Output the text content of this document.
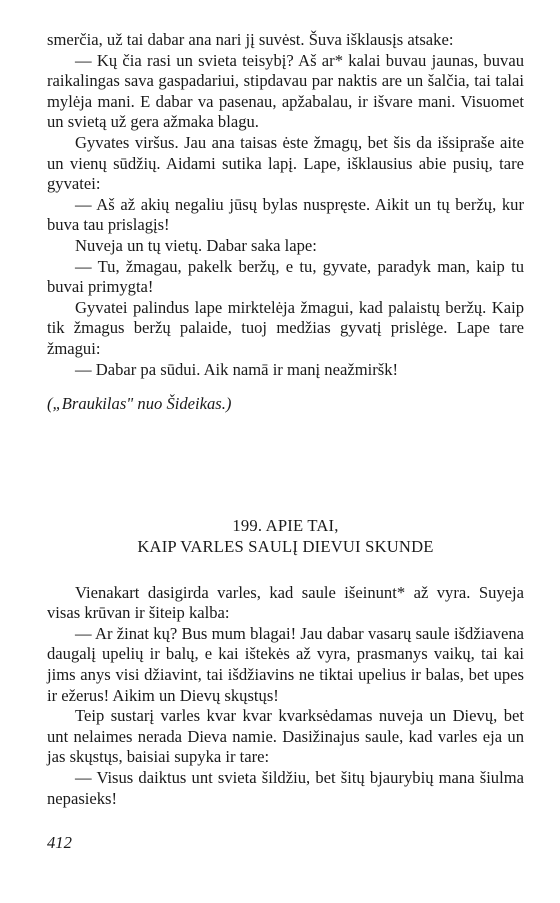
smerčia, už tai dabar ana nari jį suvėst. Šuva išklausįs atsake:

— Kų čia rasi un svieta teisybį? Aš ar* kalai buvau jaunas, buvau raikalingas sava gaspadariui, stipdavau par naktis are un šalčia, tai talai mylėja mani. E dabar va pasenau, apžabalau, ir išvare mani. Visuomet un svietą už gera ažmaka blagu.

Gyvates viršus. Jau ana taisas ėste žmagų, bet šis da išsipraše aite un vienų sūdžių. Aidami sutika lapį. Lape, išklausius abie pusių, tare gyvatei:

— Aš až akių negaliu jūsų bylas nuspręste. Aikit un tų beržų, kur buva tau prislagįs!

Nuveja un tų vietų. Dabar saka lape:

— Tu, žmagau, pakelk beržų, e tu, gyvate, paradyk man, kaip tu buvai primygta!

Gyvatei palindus lape mirktelėja žmagui, kad palaistų beržų. Kaip tik žmagus beržų palaide, tuoj medžias gyvatį prislėge. Lape tare žmagui:

— Dabar pa sūdui. Aik namā ir manį neažmiršk!

(„Braukilas" nuo Šideikas.)

199. APIE TAI,
KAIP VARLES SAULĮ DIEVUI SKUNDE

Vienakart dasigirda varles, kad saule išeinunt* až vyra. Suyeja visas krūvan ir šiteip kalba:

— Ar žinat kų? Bus mum blagai! Jau dabar vasarų saule išdžiavena daugalį upelių ir balų, e kai ištekės až vyra, prasmanys vaikų, tai kai jims anys visi džiavint, tai išdžiavins ne tiktai upelius ir balas, bet upes ir ežerus! Aikim un Dievų skųstųs!

Teip sustarį varles kvar kvar kvarksėdamas nuveja un Dievų, bet unt nelaimes nerada Dieva namie. Dasižinajus saule, kad varles eja un jas skųstųs, baisiai supyka ir tare:

— Visus daiktus unt svieta šildžiu, bet šitų bjaurybių mana šiulma nepasieks!

412
